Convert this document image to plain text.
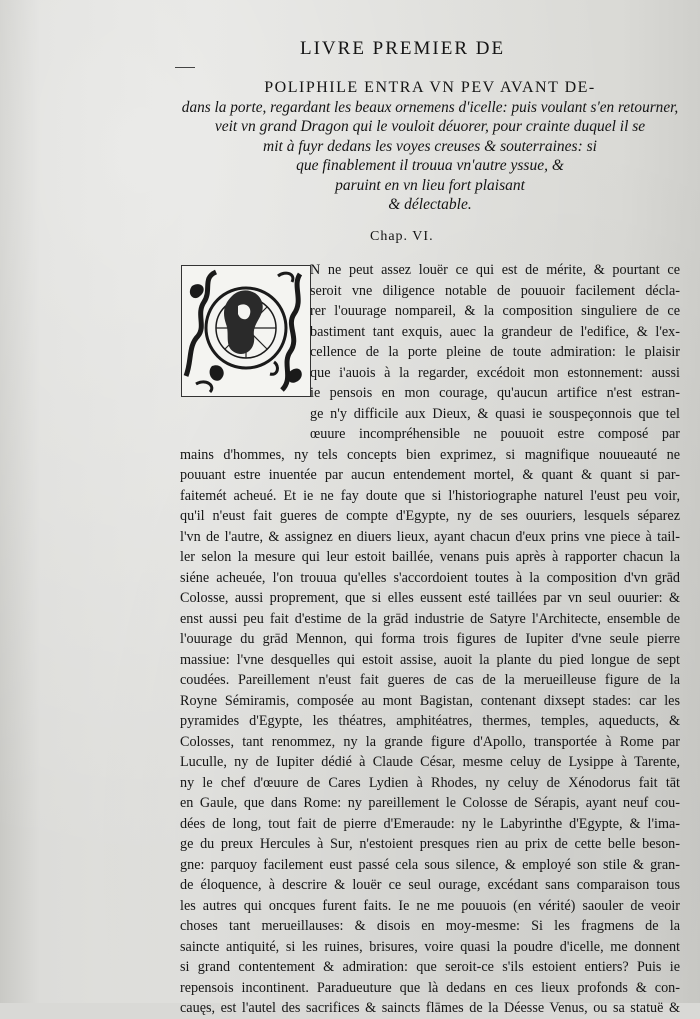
LIVRE PREMIER DE
POLIPHILE ENTRA VN PEV AVANT DE-
dans la porte, regardant les beaux ornemens d'icelle: puis voulant s'en retourner,
veit vn grand Dragon qui le vouloit déuorer, pour crainte duquel il se
mit à fuyr dedans les voyes creuses & souterraines: si
que finablement il trouua vn'autre yssue, &
paruint en vn lieu fort plaisant
& délectable.
Chap. VI.
N ne peut assez louër ce qui est de mérite, & pourtant ce
seroit vne diligence notable de pouuoir facilement décla-
rer l'ouurage nompareil, & la composition singuliere de ce
bastiment tant exquis, auec la grandeur de l'edifice, & l'ex-
cellence de la porte pleine de toute admiration: le plaisir
que i'auois à la regarder, excédoit mon estonnement: aussi
ie pensois en mon courage, qu'aucun artifice n'est estran-
ge n'y difficile aux Dieux, & quasi ie souspeçonnois que tel
œuure incompréhensible ne pouuoit estre composé par
mains d'hommes, ny tels concepts bien exprimez, si magnifique nouueauté ne
pouuant estre inuentée par aucun entendement mortel, & quant & quant si par-
faitemét acheué. Et ie ne fay doute que si l'historiographe naturel l'eust peu voir,
qu'il n'eust fait gueres de compte d'Egypte, ny de ses ouuriers, lesquels séparez
l'vn de l'autre, & assignez en diuers lieux, ayant chacun d'eux prins vne piece à tail-
ler selon la mesure qui leur estoit baillée, venans puis après à rapporter chacun la
siéne acheuée, l'on trouua qu'elles s'accordoient toutes à la composition d'vn grād
Colosse, aussi proprement, que si elles eussent esté taillées par vn seul ouurier: &
enst aussi peu fait d'estime de la grād industrie de Satyre l'Architecte, ensemble de
l'ouurage du grād Mennon, qui forma trois figures de Iupiter d'vne seule pierre
massiue: l'vne desquelles qui estoit assise, auoit la plante du pied longue de sept
coudées. Pareillement n'eust fait gueres de cas de la merueilleuse figure de la
Royne Sémiramis, composée au mont Bagistan, contenant dixsept stades: car les
pyramides d'Egypte, les théatres, amphitéatres, thermes, temples, aqueducts, &
Colosses, tant renommez, ny la grande figure d'Apollo, transportée à Rome par
Luculle, ny de Iupiter dédié à Claude César, mesme celuy de Lysippe à Tarente,
ny le chef d'œuure de Cares Lydien à Rhodes, ny celuy de Xénodorus fait tāt
en Gaule, que dans Rome: ny pareillement le Colosse de Sérapis, ayant neuf cou-
dées de long, tout fait de pierre d'Emeraude: ny le Labyrinthe d'Egypte, & l'ima-
ge du preux Hercules à Sur, n'estoient presques rien au prix de cette belle beson-
gne: parquoy facilement eust passé cela sous silence, & employé son stile & gran-
de éloquence, à descrire & louër ce seul ourage, excédant sans comparaison tous
les autres qui oncques furent faits. Ie ne me pouuois (en vérité) saouler de veoir
choses tant merueillauses: & disois en moy-mesme: Si les fragmens de la
saincte antiquité, si les ruines, brisures, voire quasi la poudre d'icelle, me donnent
si grand contentement & admiration: que seroit-ce s'ils estoient entiers? Puis ie
repensois incontinent. Paradueuture que là dedans en ces lieux profonds & con-
cauęs, est l'autel des sacrifices & saincts flāmes de la Déesse Venus, ou sa statuë &
